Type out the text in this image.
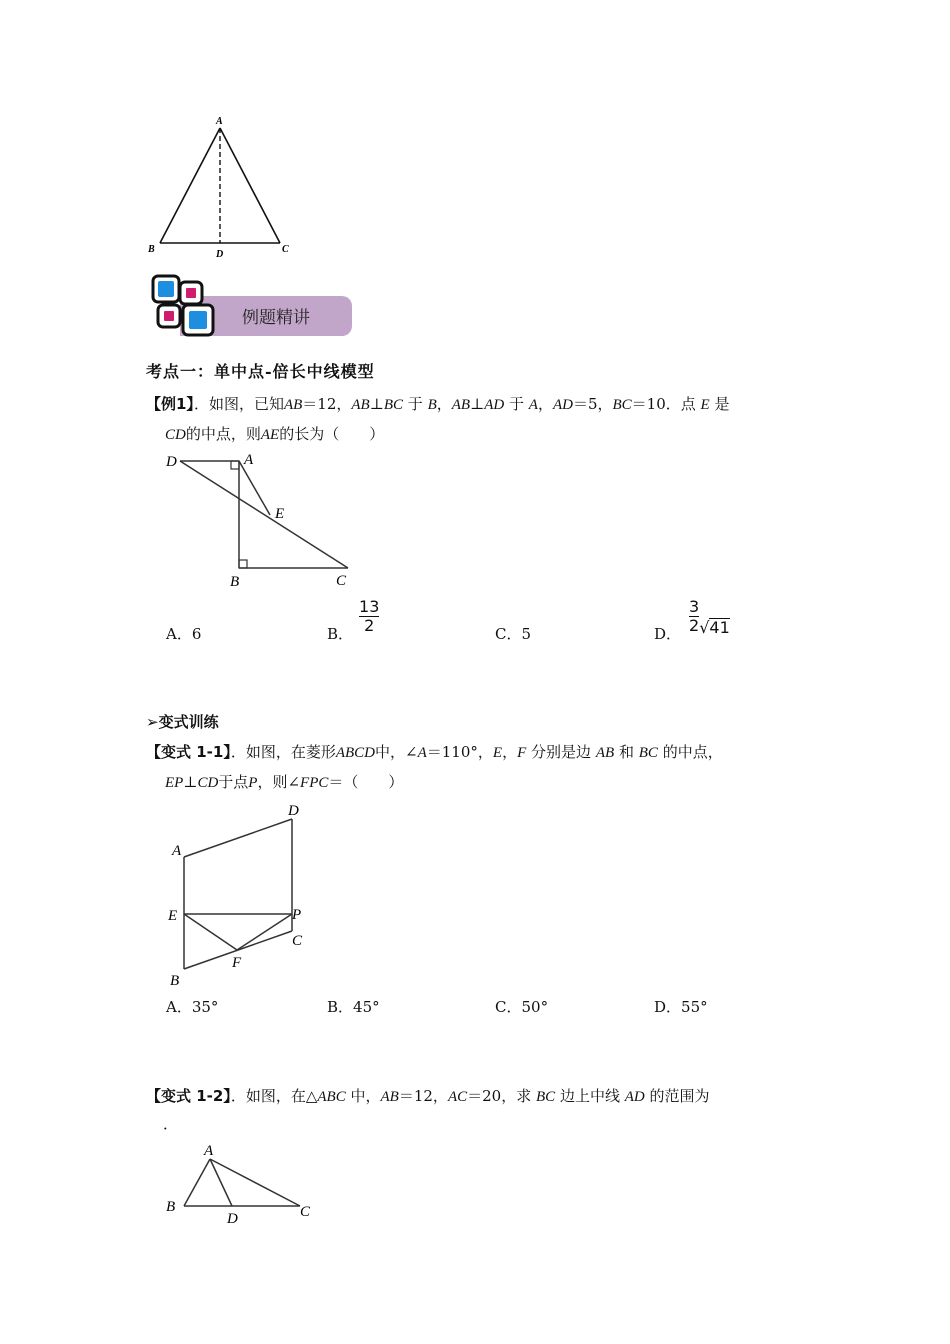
A
B	D	C
例题精讲
考点一：单中点-倍长中线模型
【例1】．如图，已知AB＝12，AB⊥BC 于 B，AB⊥AD 于 A，AD＝5，BC＝10．点 E 是
CD的中点，则AE的长为（　　）
D	A
E
B	C
A．6	B． $\frac{13}{2}$	C．5	D． $\frac{3}{2} √41$
➢变式训练
【变式 1-1】．如图，在菱形ABCD中，∠A＝110°，E，F 分别是边 AB 和 BC 的中点，
EP⊥CD于点P，则∠FPC＝（　　）
A
D
E	P
C
F
B
A．35°	B．45°	C．50°	D．55°
【变式 1-2】．如图，在△ABC 中，AB＝12，AC＝20，求 BC 边上中线 AD 的范围为
．
A
B
D	C
